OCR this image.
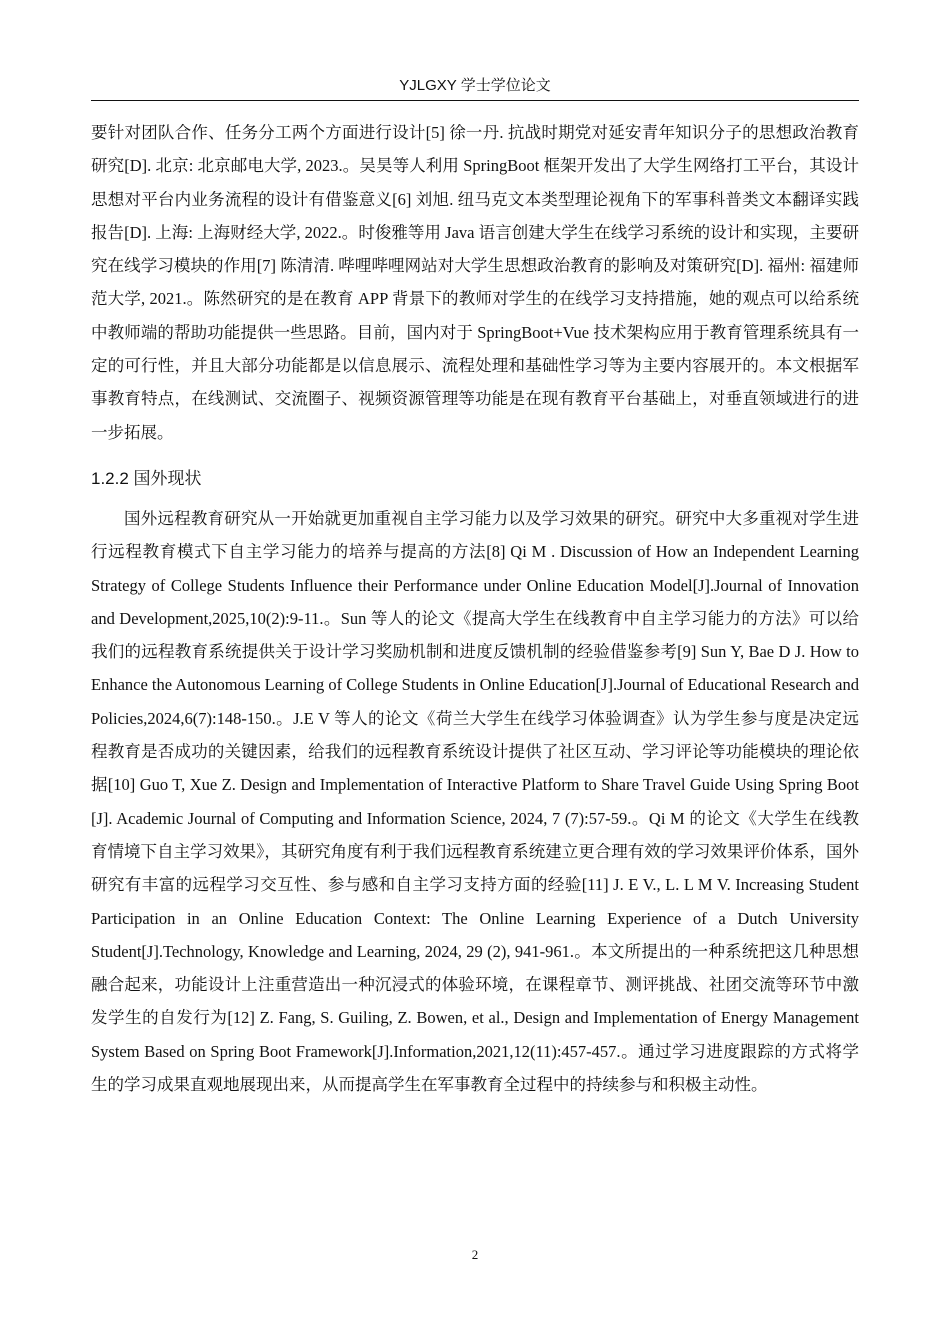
YJLGXY 学士学位论文

要针对团队合作、任务分工两个方面进行设计[5] 徐一丹. 抗战时期党对延安青年知识分子的思想政治教育研究[D]. 北京: 北京邮电大学, 2023.。吴昊等人利用 SpringBoot 框架开发出了大学生网络打工平台，其设计思想对平台内业务流程的设计有借鉴意义[6] 刘旭. 纽马克文本类型理论视角下的军事科普类文本翻译实践报告[D]. 上海: 上海财经大学, 2022.。时俊雅等用 Java 语言创建大学生在线学习系统的设计和实现，主要研究在线学习模块的作用[7] 陈清清. 哔哩哔哩网站对大学生思想政治教育的影响及对策研究[D]. 福州: 福建师范大学, 2021.。陈然研究的是在教育 APP 背景下的教师对学生的在线学习支持措施，她的观点可以给系统中教师端的帮助功能提供一些思路。目前，国内对于 SpringBoot+Vue 技术架构应用于教育管理系统具有一定的可行性，并且大部分功能都是以信息展示、流程处理和基础性学习等为主要内容展开的。本文根据军事教育特点，在线测试、交流圈子、视频资源管理等功能是在现有教育平台基础上，对垂直领域进行的进一步拓展。

1.2.2 国外现状

国外远程教育研究从一开始就更加重视自主学习能力以及学习效果的研究。研究中大多重视对学生进行远程教育模式下自主学习能力的培养与提高的方法[8] Qi M . Discussion of How an Independent Learning Strategy of College Students Influence their Performance under Online Education Model[J].Journal of Innovation and Development,2025,10(2):9-11.。Sun 等人的论文《提高大学生在线教育中自主学习能力的方法》可以给我们的远程教育系统提供关于设计学习奖励机制和进度反馈机制的经验借鉴参考[9] Sun Y, Bae D J. How to Enhance the Autonomous Learning of College Students in Online Education[J].Journal of Educational Research and Policies,2024,6(7):148-150.。J.E V 等人的论文《荷兰大学生在线学习体验调查》认为学生参与度是决定远程教育是否成功的关键因素，给我们的远程教育系统设计提供了社区互动、学习评论等功能模块的理论依据[10] Guo T, Xue Z. Design and Implementation of Interactive Platform to Share Travel Guide Using Spring Boot [J]. Academic Journal of Computing and Information Science, 2024, 7 (7):57-59.。Qi M 的论文《大学生在线教育情境下自主学习效果》，其研究角度有利于我们远程教育系统建立更合理有效的学习效果评价体系，国外研究有丰富的远程学习交互性、参与感和自主学习支持方面的经验[11] J. E V., L. L M V. Increasing Student Participation in an Online Education Context: The Online Learning Experience of a Dutch University Student[J].Technology, Knowledge and Learning, 2024, 29 (2), 941-961.。本文所提出的一种系统把这几种思想融合起来，功能设计上注重营造出一种沉浸式的体验环境，在课程章节、测评挑战、社团交流等环节中激发学生的自发行为[12] Z. Fang, S. Guiling, Z. Bowen, et al., Design and Implementation of Energy Management System Based on Spring Boot Framework[J].Information,2021,12(11):457-457.。通过学习进度跟踪的方式将学生的学习成果直观地展现出来，从而提高学生在军事教育全过程中的持续参与和积极主动性。

2
